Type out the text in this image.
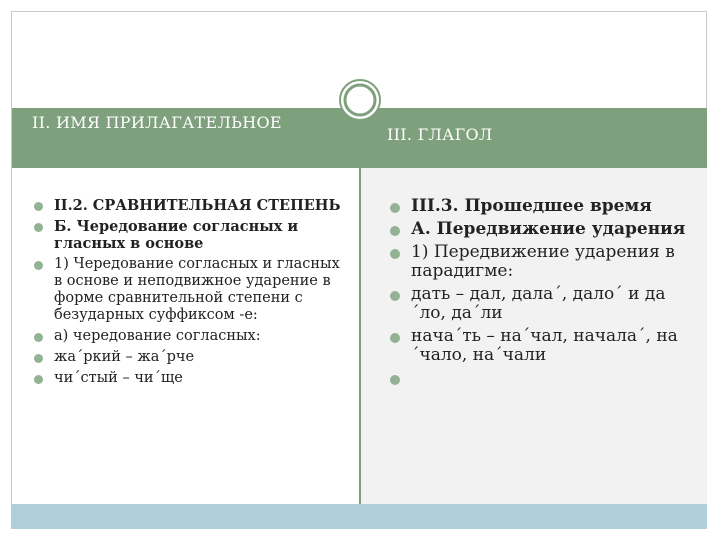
II. ИМЯ ПРИЛАГАТЕЛЬНОЕ
III. ГЛАГОЛ
II.2. СРАВНИТЕЛЬНАЯ СТЕПЕНЬ
Б. Чередование согласных и гласных в основе
1) Чередование согласных и гласных в основе и неподвижное ударение в форме сравнительной степени с безударных суффиксом -е:
а) чередование согласных:
жа´ркий – жа´рче
чи´стый – чи´ще
III.3. Прошедшее время
А. Передвижение ударения
1) Передвижение ударения в парадигме:
дать – дал, дала´, дало´ и да´ло, да´ли
нача´ть – на´чал, начала´, на´чало, на´чали
